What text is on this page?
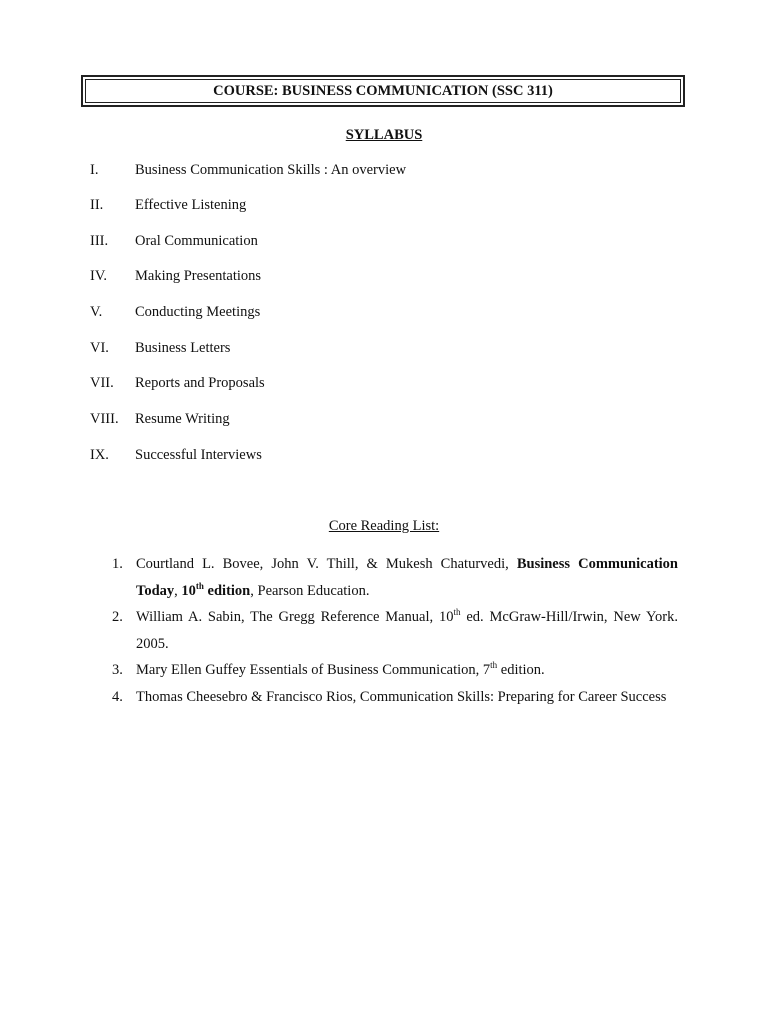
COURSE: BUSINESS COMMUNICATION (SSC 311)
SYLLABUS
I.	Business Communication Skills : An overview
II.	Effective Listening
III.	Oral Communication
IV.	Making Presentations
V.	Conducting Meetings
VI.	Business Letters
VII.	Reports and Proposals
VIII.	Resume Writing
IX.	Successful Interviews
Core Reading List:
1. Courtland L. Bovee, John V. Thill, & Mukesh Chaturvedi, Business Communication Today, 10th edition, Pearson Education.
2. William A. Sabin, The Gregg Reference Manual, 10th ed. McGraw-Hill/Irwin, New York. 2005.
3. Mary Ellen Guffey Essentials of Business Communication, 7th edition.
4. Thomas Cheesebro & Francisco Rios, Communication Skills: Preparing for Career Success
